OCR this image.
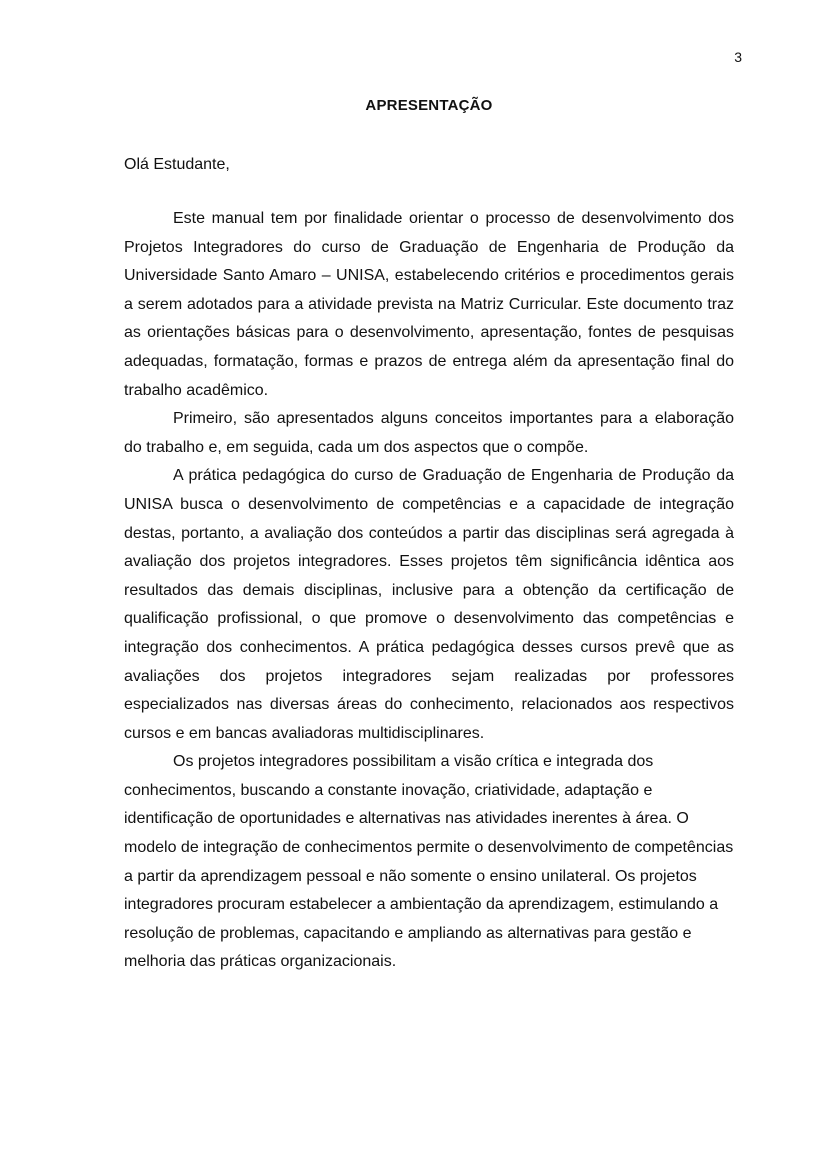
3
APRESENTAÇÃO
Olá Estudante,

Este manual tem por finalidade orientar o processo de desenvolvimento dos Projetos Integradores do curso de Graduação de Engenharia de Produção da Universidade Santo Amaro – UNISA, estabelecendo critérios e procedimentos gerais a serem adotados para a atividade prevista na Matriz Curricular. Este documento traz as orientações básicas para o desenvolvimento, apresentação, fontes de pesquisas adequadas, formatação, formas e prazos de entrega além da apresentação final do trabalho acadêmico.

Primeiro, são apresentados alguns conceitos importantes para a elaboração do trabalho e, em seguida, cada um dos aspectos que o compõe.

A prática pedagógica do curso de Graduação de Engenharia de Produção da UNISA busca o desenvolvimento de competências e a capacidade de integração destas, portanto, a avaliação dos conteúdos a partir das disciplinas será agregada à avaliação dos projetos integradores. Esses projetos têm significância idêntica aos resultados das demais disciplinas, inclusive para a obtenção da certificação de qualificação profissional, o que promove o desenvolvimento das competências e integração dos conhecimentos. A prática pedagógica desses cursos prevê que as avaliações dos projetos integradores sejam realizadas por professores especializados nas diversas áreas do conhecimento, relacionados aos respectivos cursos e em bancas avaliadoras multidisciplinares.

Os projetos integradores possibilitam a visão crítica e integrada dos conhecimentos, buscando a constante inovação, criatividade, adaptação e identificação de oportunidades e alternativas nas atividades inerentes à área. O modelo de integração de conhecimentos permite o desenvolvimento de competências a partir da aprendizagem pessoal e não somente o ensino unilateral. Os projetos integradores procuram estabelecer a ambientação da aprendizagem, estimulando a resolução de problemas, capacitando e ampliando as alternativas para gestão e melhoria das práticas organizacionais.
